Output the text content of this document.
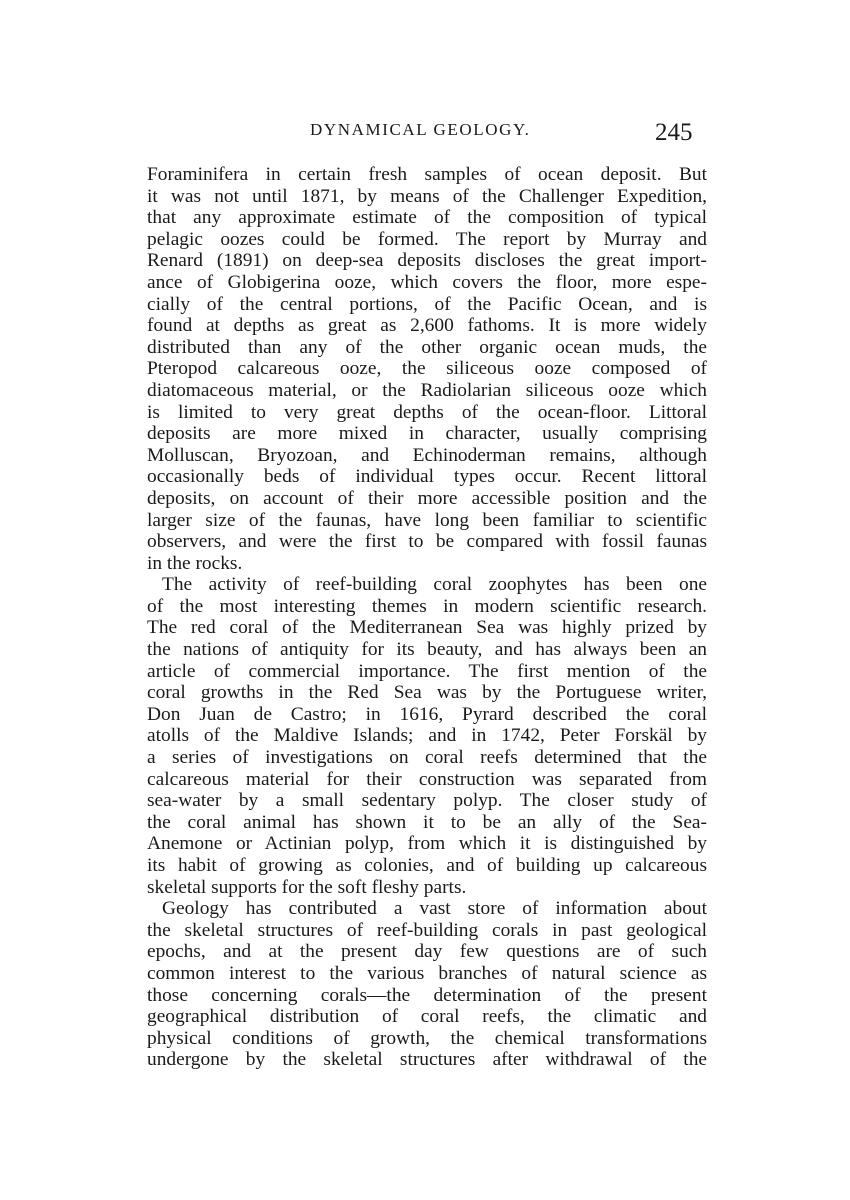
DYNAMICAL GEOLOGY.	245
Foraminifera in certain fresh samples of ocean deposit. But
it was not until 1871, by means of the Challenger Expedition,
that any approximate estimate of the composition of typical
pelagic oozes could be formed. The report by Murray and
Renard (1891) on deep-sea deposits discloses the great import-
ance of Globigerina ooze, which covers the floor, more espe-
cially of the central portions, of the Pacific Ocean, and is
found at depths as great as 2,600 fathoms. It is more widely
distributed than any of the other organic ocean muds, the
Pteropod calcareous ooze, the siliceous ooze composed of
diatomaceous material, or the Radiolarian siliceous ooze which
is limited to very great depths of the ocean-floor. Littoral
deposits are more mixed in character, usually comprising
Molluscan, Bryozoan, and Echinoderman remains, although
occasionally beds of individual types occur. Recent littoral
deposits, on account of their more accessible position and the
larger size of the faunas, have long been familiar to scientific
observers, and were the first to be compared with fossil faunas
in the rocks.
The activity of reef-building coral zoophytes has been one
of the most interesting themes in modern scientific research.
The red coral of the Mediterranean Sea was highly prized by
the nations of antiquity for its beauty, and has always been an
article of commercial importance. The first mention of the
coral growths in the Red Sea was by the Portuguese writer,
Don Juan de Castro; in 1616, Pyrard described the coral
atolls of the Maldive Islands; and in 1742, Peter Forskäl by
a series of investigations on coral reefs determined that the
calcareous material for their construction was separated from
sea-water by a small sedentary polyp. The closer study of
the coral animal has shown it to be an ally of the Sea-
Anemone or Actinian polyp, from which it is distinguished by
its habit of growing as colonies, and of building up calcareous
skeletal supports for the soft fleshy parts.
Geology has contributed a vast store of information about
the skeletal structures of reef-building corals in past geological
epochs, and at the present day few questions are of such
common interest to the various branches of natural science as
those concerning corals—the determination of the present
geographical distribution of coral reefs, the climatic and
physical conditions of growth, the chemical transformations
undergone by the skeletal structures after withdrawal of the
